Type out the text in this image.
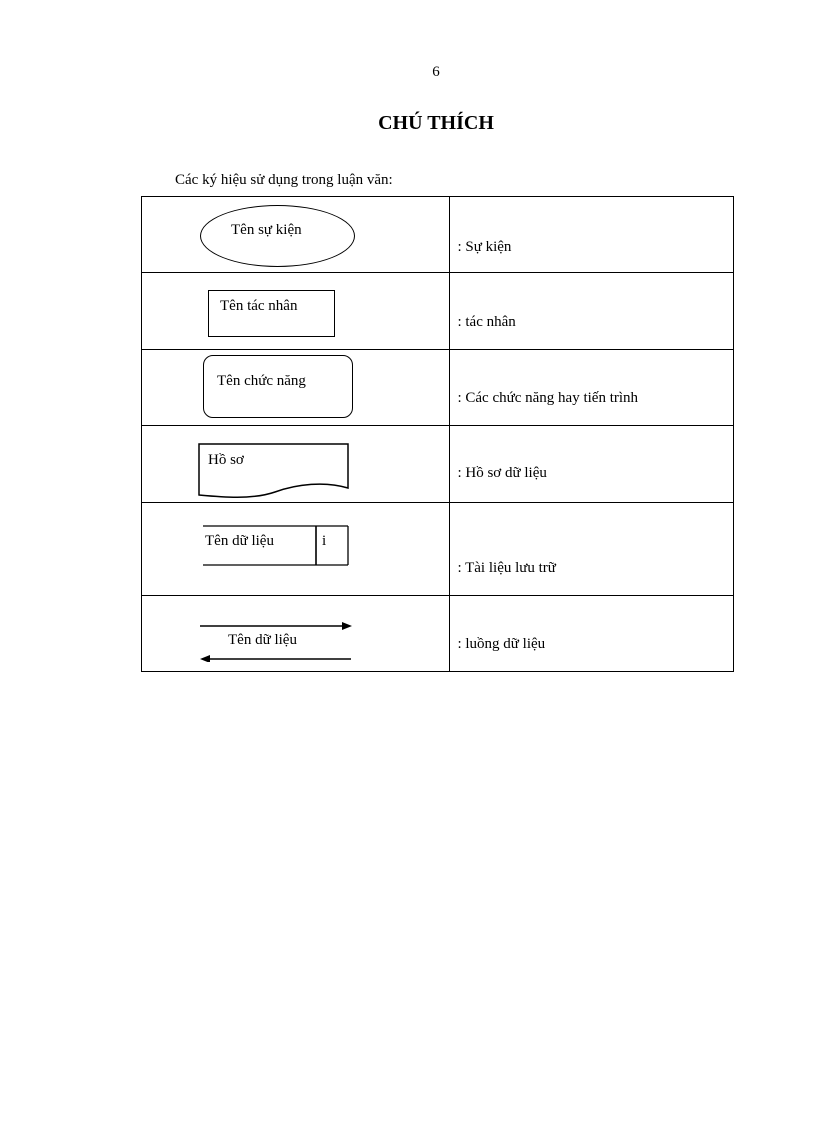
6
CHÚ THÍCH
Các ký hiệu sử dụng trong luận văn:
Tên sự kiện	: Sự kiện

Tên tác nhân	: tác nhân

Tên chức năng	: Các chức năng hay tiến trình

Hồ sơ	: Hồ sơ dữ liệu

Tên dữ liệu i	: Tài liệu lưu trữ

Tên dữ liệu	: luồng dữ liệu
